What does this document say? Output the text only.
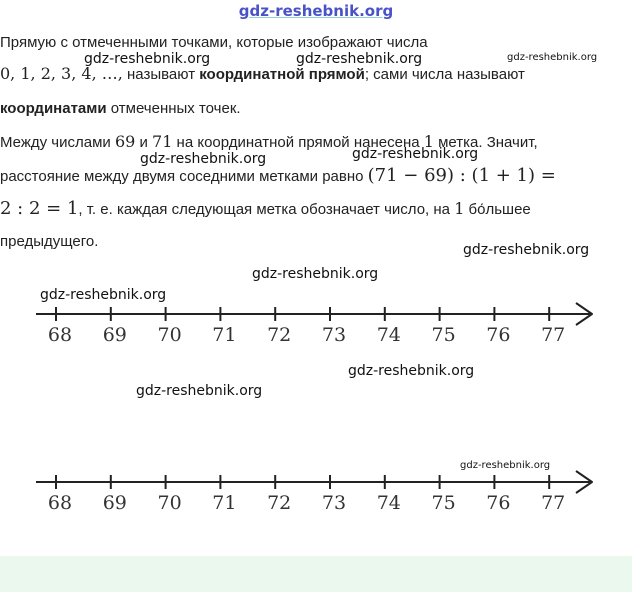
gdz-reshebnik.org
Прямую с отмеченными точками, которые изображают числа
0, 1, 2, 3, 4, …, называют координатной прямой; сами числа называют
координатами отмеченных точек.
Между числами 69 и 71 на координатной прямой нанесена 1 метка. Значит,
расстояние между двумя соседними метками равно (71 − 69) : (1 + 1) =
2 : 2 = 1, т. е. каждая следующая метка обозначает число, на 1 бо́льшее
предыдущего.
gdz-reshebnik.org	gdz-reshebnik.org	gdz-reshebnik.org
gdz-reshebnik.org	gdz-reshebnik.org
gdz-reshebnik.org
gdz-reshebnik.org
gdz-reshebnik.org
gdz-reshebnik.org
gdz-reshebnik.org
gdz-reshebnik.org
68 69 70 71 72 73 74 75 76 77
68 69 70 71 72 73 74 75 76 77
